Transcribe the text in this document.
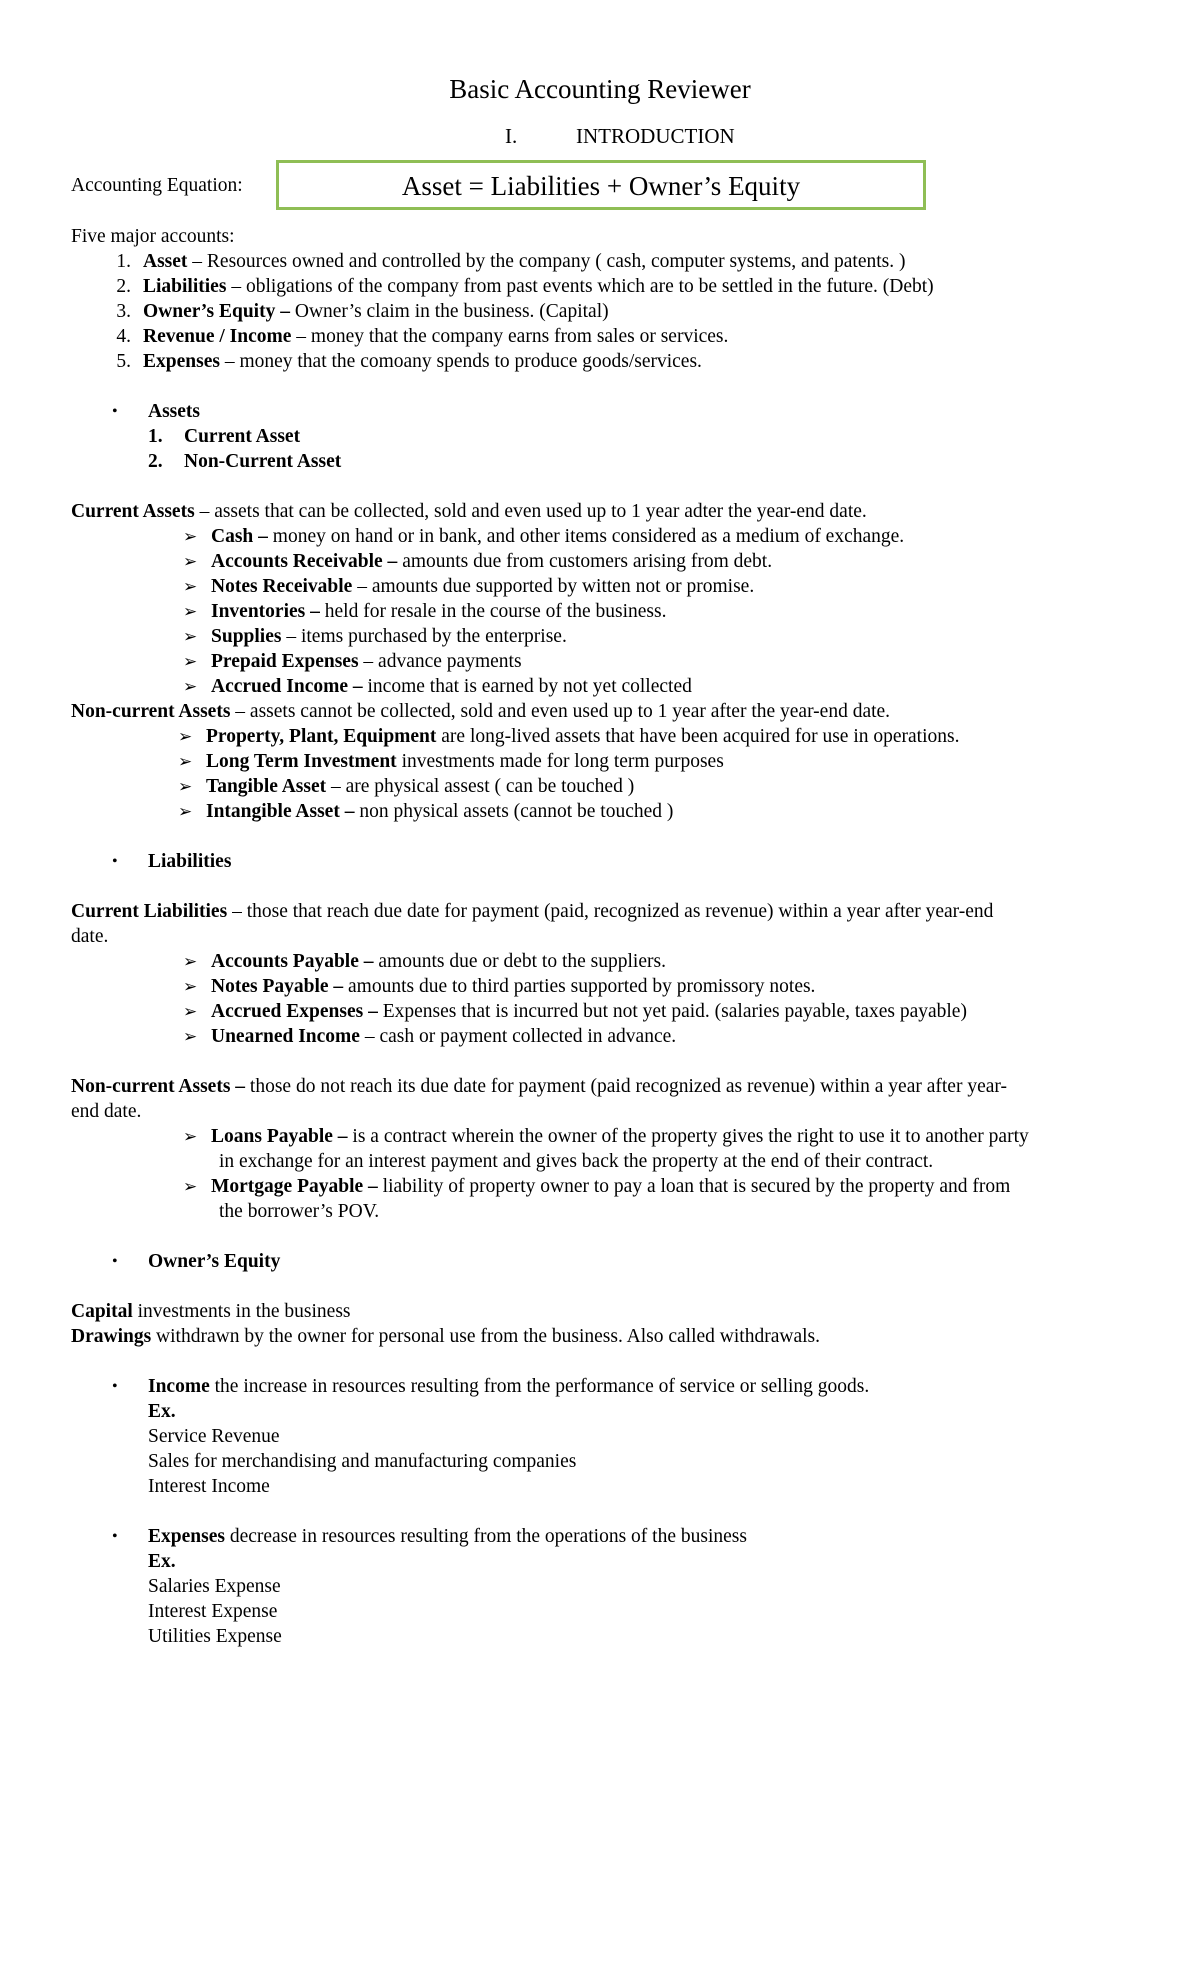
Basic Accounting Reviewer
I.	INTRODUCTION
Accounting Equation:	Asset = Liabilities + Owner’s Equity
Five major accounts:
1. Asset – Resources owned and controlled by the company ( cash, computer systems, and patents. )
2. Liabilities – obligations of the company from past events which are to be settled in the future. (Debt)
3. Owner’s Equity – Owner’s claim in the business. (Capital)
4. Revenue / Income – money that the company earns from sales or services.
5. Expenses – money that the comoany spends to produce goods/services.
• Assets
1. Current Asset
2. Non-Current Asset
Current Assets – assets that can be collected, sold and even used up to 1 year adter the year-end date.
➢ Cash – money on hand or in bank, and other items considered as a medium of exchange.
➢ Accounts Receivable – amounts due from customers arising from debt.
➢ Notes Receivable – amounts due supported by witten not or promise.
➢ Inventories – held for resale in the course of the business.
➢ Supplies – items purchased by the enterprise.
➢ Prepaid Expenses – advance payments
➢ Accrued Income – income that is earned by not yet collected
Non-current Assets – assets cannot be collected, sold and even used up to 1 year after the year-end date.
➢ Property, Plant, Equipment are long-lived assets that have been acquired for use in operations.
➢ Long Term Investment investments made for long term purposes
➢ Tangible Asset – are physical assest ( can be touched )
➢ Intangible Asset – non physical assets (cannot be touched )
• Liabilities
Current Liabilities – those that reach due date for payment (paid, recognized as revenue) within a year after year-end
date.
➢ Accounts Payable – amounts due or debt to the suppliers.
➢ Notes Payable – amounts due to third parties supported by promissory notes.
➢ Accrued Expenses – Expenses that is incurred but not yet paid. (salaries payable, taxes payable)
➢ Unearned Income – cash or payment collected in advance.
Non-current Assets – those do not reach its due date for payment (paid recognized as revenue) within a year after year-
end date.
➢ Loans Payable – is a contract wherein the owner of the property gives the right to use it to another party
in exchange for an interest payment and gives back the property at the end of their contract.
➢ Mortgage Payable – liability of property owner to pay a loan that is secured by the property and from
the borrower’s POV.
• Owner’s Equity
Capital investments in the business
Drawings withdrawn by the owner for personal use from the business. Also called withdrawals.
• Income the increase in resources resulting from the performance of service or selling goods.
Ex.
Service Revenue
Sales for merchandising and manufacturing companies
Interest Income
• Expenses decrease in resources resulting from the operations of the business
Ex.
Salaries Expense
Interest Expense
Utilities Expense
